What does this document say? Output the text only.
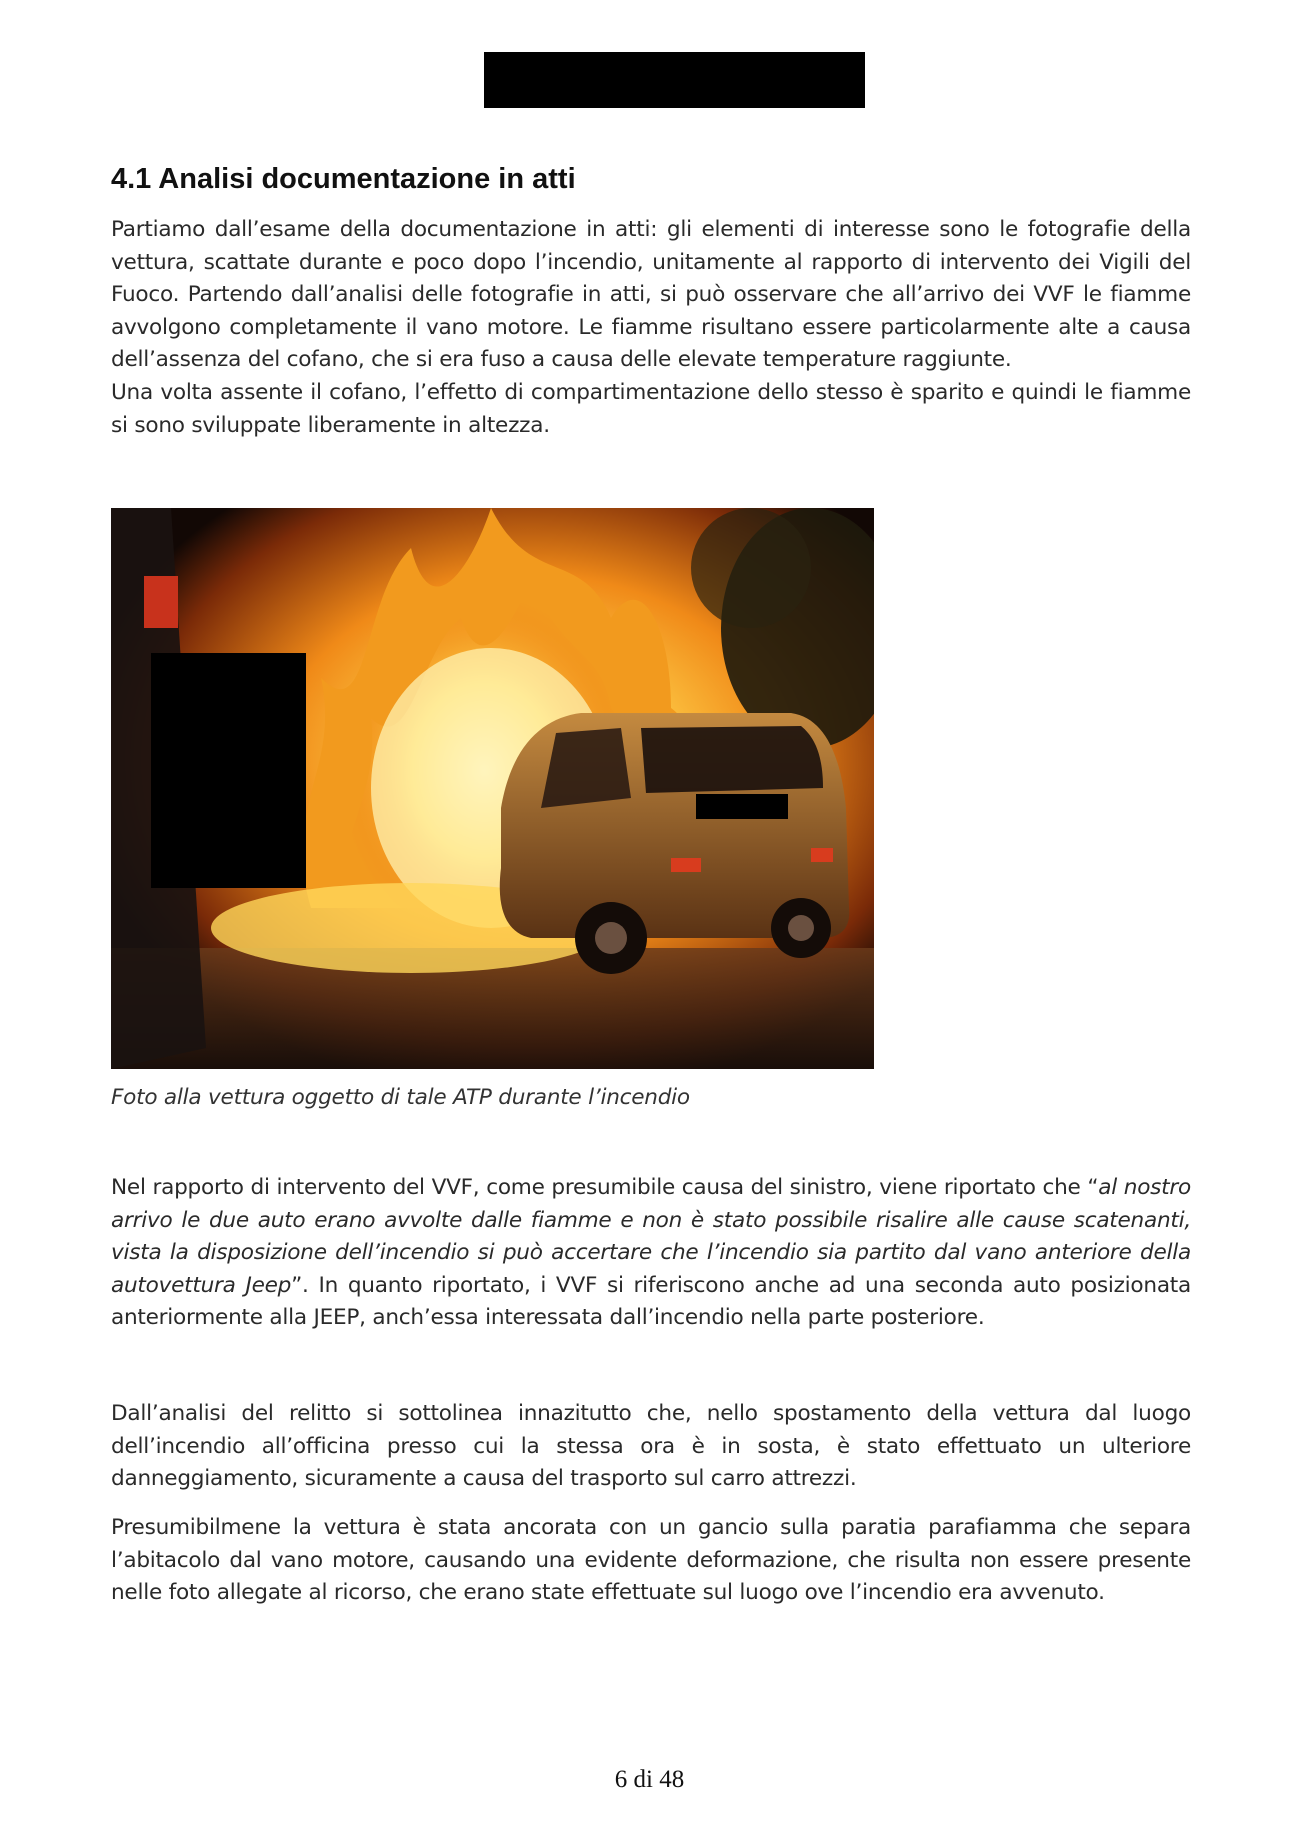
4.1 Analisi documentazione in atti

Partiamo dall’esame della documentazione in atti: gli elementi di interesse sono le fotografie della vettura, scattate durante e poco dopo l’incendio, unitamente al rapporto di intervento dei Vigili del Fuoco. Partendo dall’analisi delle fotografie in atti, si può osservare che all’arrivo dei VVF le fiamme avvolgono completamente il vano motore. Le fiamme risultano essere particolarmente alte a causa dell’assenza del cofano, che si era fuso a causa delle elevate temperature raggiunte.
Una volta assente il cofano, l’effetto di compartimentazione dello stesso è sparito e quindi le fiamme si sono sviluppate liberamente in altezza.

Foto alla vettura oggetto di tale ATP durante l’incendio

Nel rapporto di intervento del VVF, come presumibile causa del sinistro, viene riportato che “al nostro arrivo le due auto erano avvolte dalle fiamme e non è stato possibile risalire alle cause scatenanti, vista la disposizione dell’incendio si può accertare che l’incendio sia partito dal vano anteriore della autovettura Jeep”. In quanto riportato, i VVF si riferiscono anche ad una seconda auto posizionata anteriormente alla JEEP, anch’essa interessata dall’incendio nella parte posteriore.

Dall’analisi del relitto si sottolinea innazitutto che, nello spostamento della vettura dal luogo dell’incendio all’officina presso cui la stessa ora è in sosta, è stato effettuato un ulteriore danneggiamento, sicuramente a causa del trasporto sul carro attrezzi.

Presumibilmene la vettura è stata ancorata con un gancio sulla paratia parafiamma che separa l’abitacolo dal vano motore, causando una evidente deformazione, che risulta non essere presente nelle foto allegate al ricorso, che erano state effettuate sul luogo ove l’incendio era avvenuto.

6 di 48
